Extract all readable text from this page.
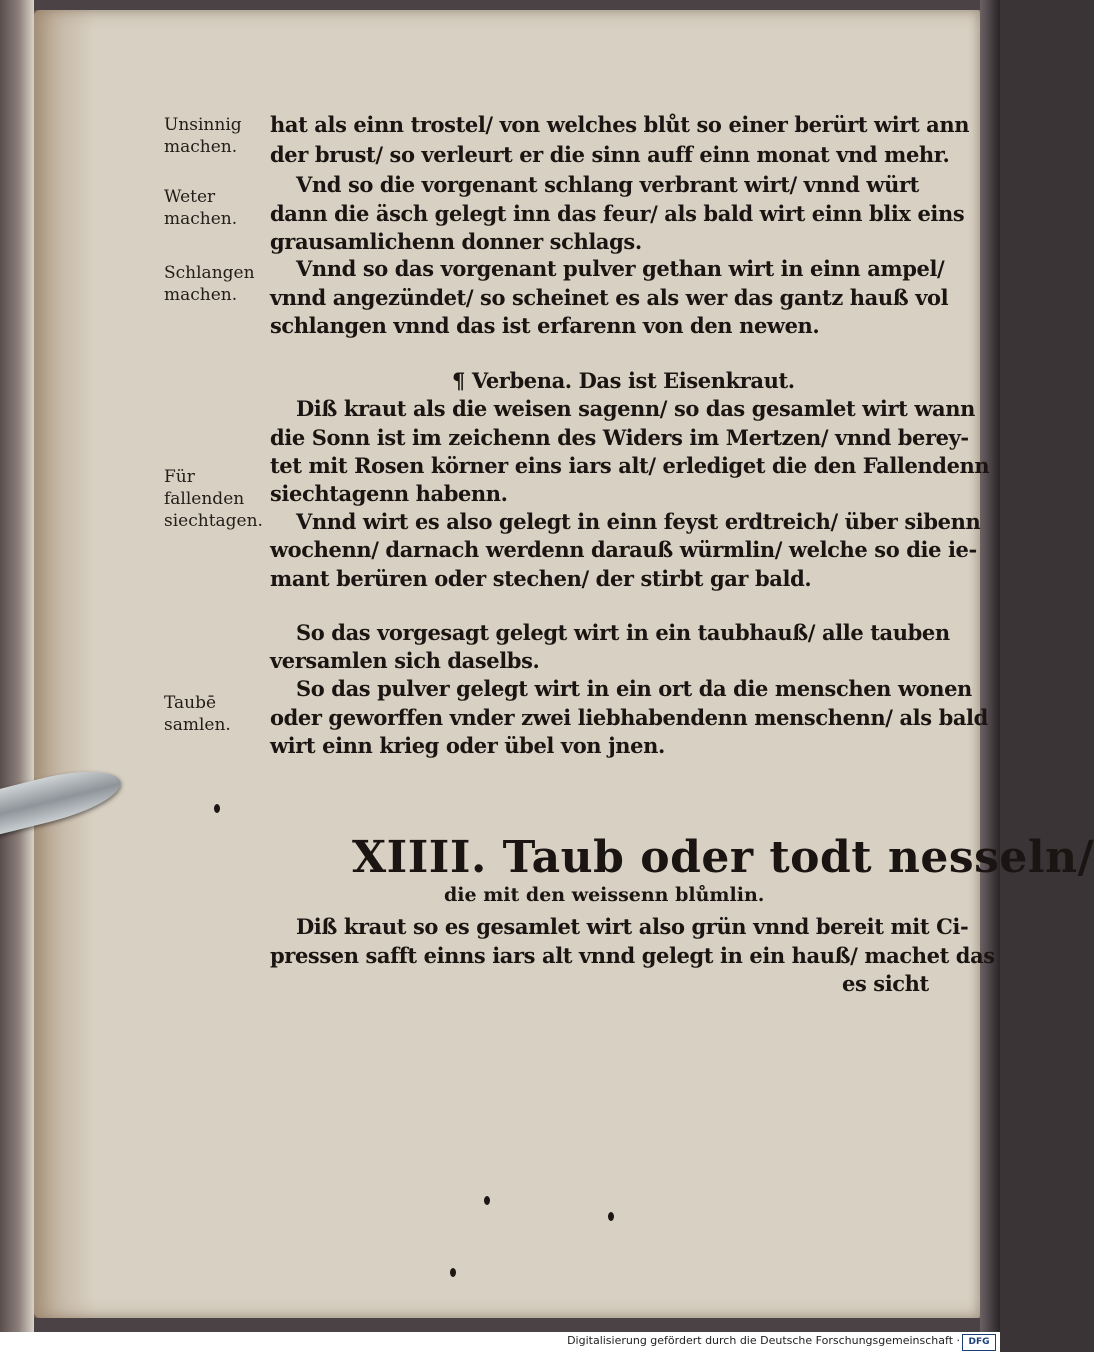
Unsinnig machen.
Weter machen.
Schlangen machen.
Für fallenden siechtagen.
Taubē samlen.
hat als einn trostel/ von welches blůt so einer berürt wirt ann
der brust/ so verleurt er die sinn auff einn monat vnd mehr.
Vnd so die vorgenant schlang verbrant wirt/ vnnd würt
dann die äsch gelegt inn das feur/ als bald wirt einn blix eins
grausamlichenn donner schlags.
Vnnd so das vorgenant pulver gethan wirt in einn ampel/
vnnd angezündet/ so scheinet es als wer das gantz hauß vol
schlangen vnnd das ist erfarenn von den newen.
¶ Verbena. Das ist Eisenkraut.
Diß kraut als die weisen sagenn/ so das gesamlet wirt wann
die Sonn ist im zeichenn des Widers im Mertzen/ vnnd berey-
tet mit Rosen körner eins iars alt/ erlediget die den Fallendenn
siechtagenn habenn.
Vnnd wirt es also gelegt in einn feyst erdtreich/ über sibenn
wochenn/ darnach werdenn darauß würmlin/ welche so die ie-
mant berüren oder stechen/ der stirbt gar bald.
So das vorgesagt gelegt wirt in ein taubhauß/ alle tauben
versamlen sich daselbs.
So das pulver gelegt wirt in ein ort da die menschen wonen
oder geworffen vnder zwei liebhabendenn menschenn/ als bald
wirt einn krieg oder übel von jnen.
XIIII. Taub oder todt nesseln/
die mit den weissenn blůmlin.
Diß kraut so es gesamlet wirt also grün vnnd bereit mit Ci-
pressen safft einns iars alt vnnd gelegt in ein hauß/ machet das
es sicht
Digitalisierung gefördert durch die Deutsche Forschungsgemeinschaft · DFG
